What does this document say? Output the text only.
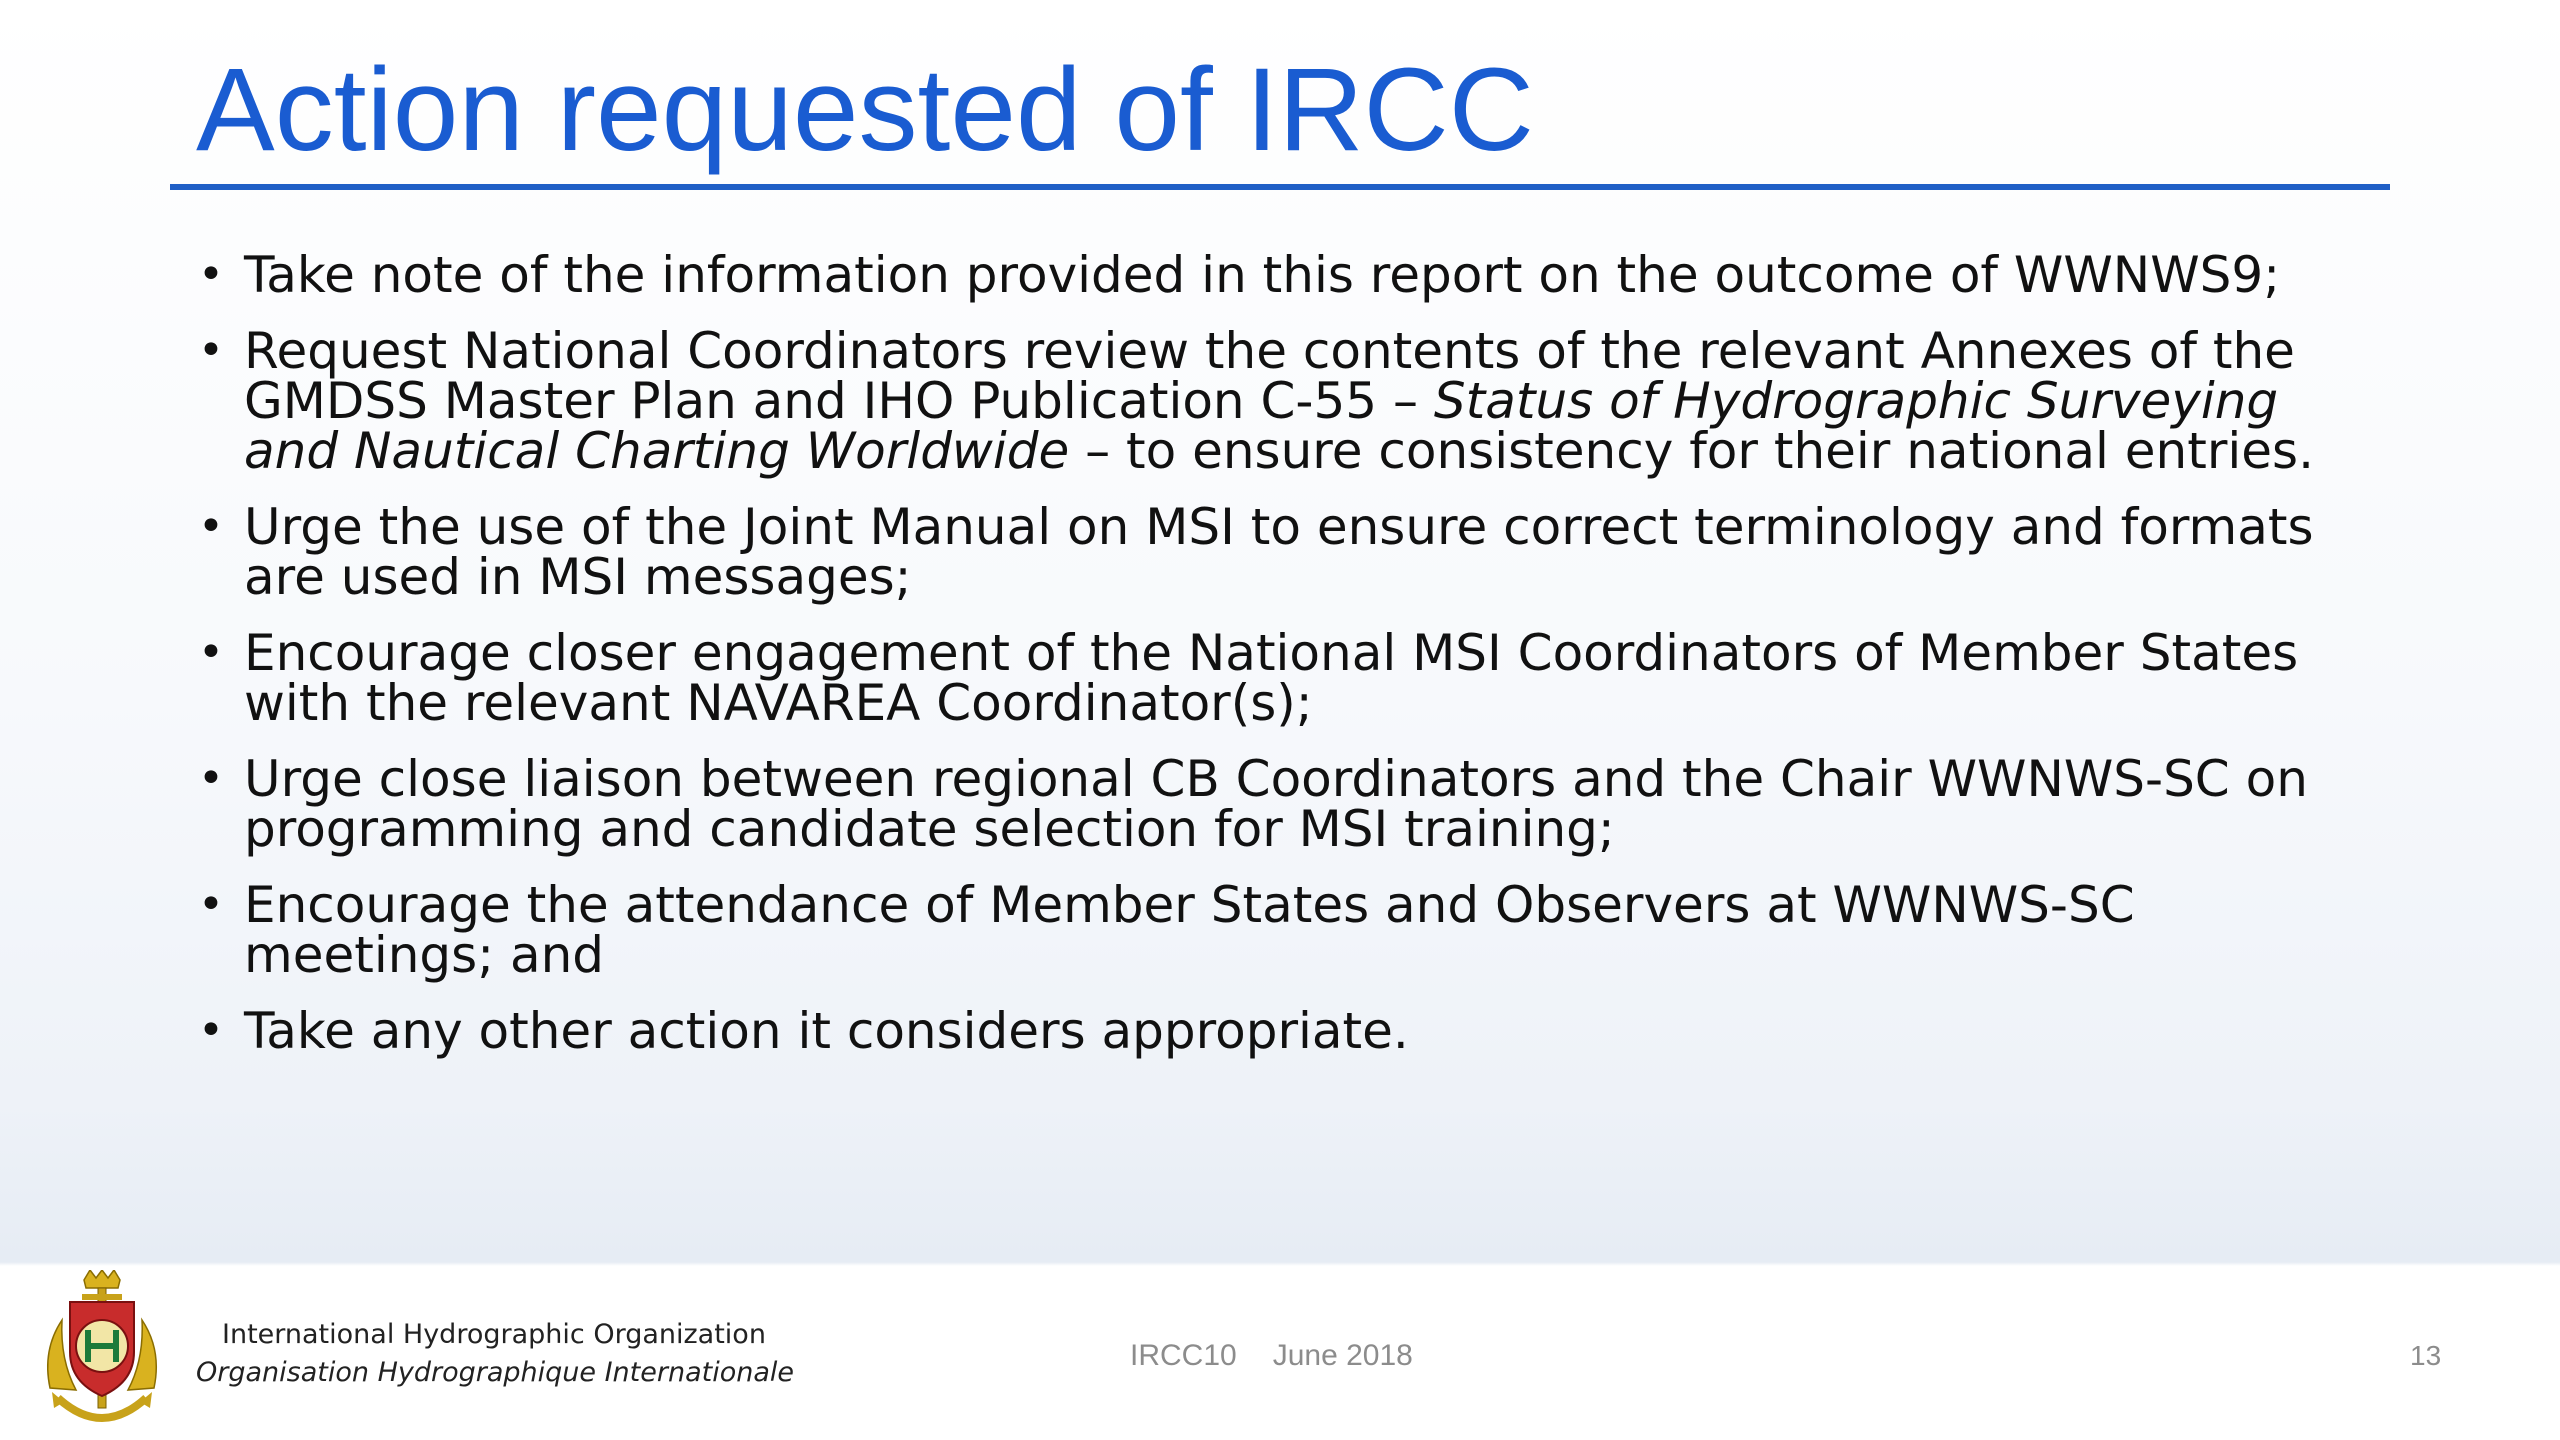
Action requested of IRCC
• Take note of the information provided in this report on the outcome of WWNWS9;
• Request National Coordinators review the contents of the relevant Annexes of the GMDSS Master Plan and IHO Publication C-55 – Status of Hydrographic Surveying and Nautical Charting Worldwide – to ensure consistency for their national entries.
• Urge the use of the Joint Manual on MSI to ensure correct terminology and formats are used in MSI messages;
• Encourage closer engagement of the National MSI Coordinators of Member States with the relevant NAVAREA Coordinator(s);
• Urge close liaison between regional CB Coordinators and the Chair WWNWS-SC on programming and candidate selection for MSI training;
• Encourage the attendance of Member States and Observers at WWNWS-SC meetings; and
• Take any other action it considers appropriate.
International Hydrographic Organization
Organisation Hydrographique Internationale
IRCC10 June 2018	13
